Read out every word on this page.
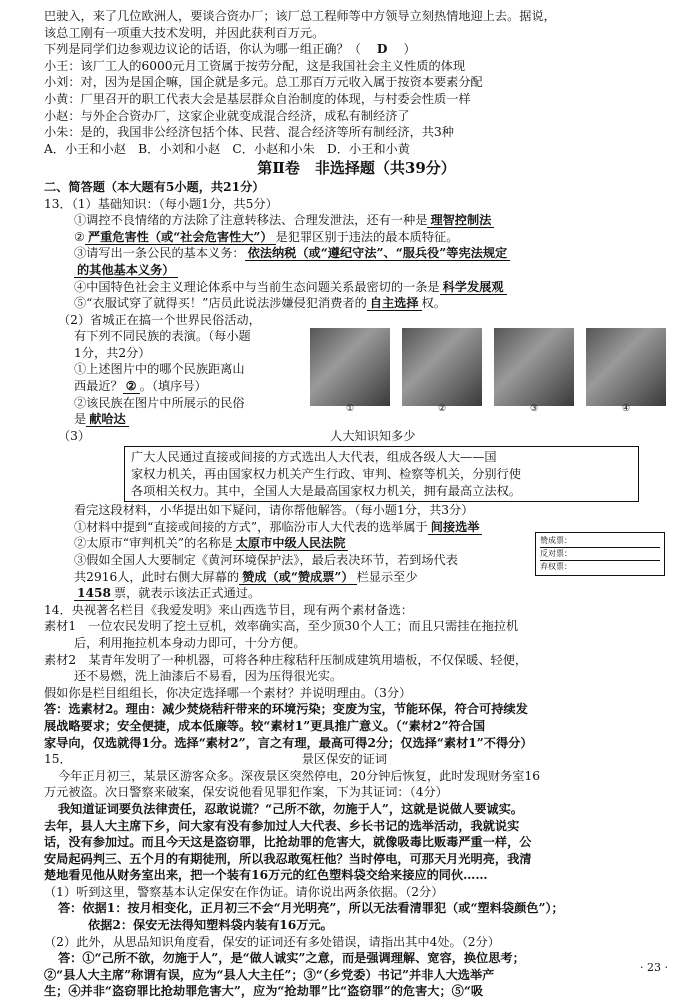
巴驶入，来了几位欧洲人，要谈合资办厂；该厂总工程师等中方领导立刻热情地迎上去。据说，
该总工刚有一项重大技术发明，并因此获利百万元。
下列是同学们边参观边议论的话语，你认为哪一组正确？（ D ）
小王：该厂工人的6000元月工资属于按劳分配，这是我国社会主义性质的体现
小刘：对，因为是国企嘛，国企就是多元。总工那百万元收入属于按资本要素分配
小黄：厂里召开的职工代表大会是基层群众自治制度的体现，与村委会性质一样
小赵：与外企合资办厂，这家企业就变成混合经济，成私有制经济了
小朱：是的，我国非公经济包括个体、民营、混合经济等所有制经济，共3种
A．小王和小赵　B．小刘和小赵　C．小赵和小朱　D．小王和小黄
第Ⅱ卷　非选择题（共39分）
二、简答题（本大题有5小题，共21分）
13．（1）基础知识：（每小题1分，共5分）
①调控不良情绪的方法除了注意转移法、合理发泄法，还有一种是 理智控制法
② 严重危害性（或“社会危害性大”） 是犯罪区别于违法的最本质特征。
③请写出一条公民的基本义务： 依法纳税（或“遵纪守法”、“服兵役”等宪法规定
的其他基本义务）
④中国特色社会主义理论体系中与当前生态问题关系最密切的一条是 科学发展观
⑤“衣服试穿了就得买！”店员此说法涉嫌侵犯消费者的 自主选择 权。
（2）省城正在搞一个世界民俗活动，
有下列不同民族的表演。（每小题
1分，共2分）
①上述图片中的哪个民族距离山
西最近？ ② 。（填序号）
②该民族在图片中所展示的民俗
是 献哈达
（3）	人大知识知多少
广大人民通过直接或间接的方式选出人大代表，组成各级人大——国
家权力机关，再由国家权力机关产生行政、审判、检察等机关，分别行使
各项相关权力。其中，全国人大是最高国家权力机关，拥有最高立法权。
看完这段材料，小华提出如下疑问，请你帮他解答。（每小题1分，共3分）
①材料中提到“直接或间接的方式”，那临汾市人大代表的选举属于 间接选举
②太原市“审判机关”的名称是 太原市中级人民法院
③假如全国人大要制定《黄河环境保护法》，最后表决环节，若到场代表
共2916人，此时右侧大屏幕的 赞成（或“赞成票”） 栏显示至少
1458 票，就表示该法正式通过。
14．央视著名栏目《我爱发明》来山西选节目，现有两个素材备选：
素材1　一位农民发明了挖土豆机，效率确实高，至少顶30个人工；而且只需挂在拖拉机
后，利用拖拉机本身动力即可，十分方便。
素材2　某青年发明了一种机器，可将各种庄稼秸秆压制成建筑用墙板，不仅保暖、轻便，
还不易燃，洗上油漆后不易看，因为压得很光实。
假如你是栏目组组长，你决定选择哪一个素材？并说明理由。（3分）
答：选素材2。理由：减少焚烧秸秆带来的环境污染；变废为宝，节能环保，符合可持续发
展战略要求；安全便捷，成本低廉等。较“素材1”更具推广意义。（“素材2”符合国
家导向，仅选就得1分。选择“素材2”，言之有理，最高可得2分；仅选择“素材1”不得分）
15．	景区保安的证词
今年正月初三，某景区游客众多。深夜景区突然停电，20分钟后恢复，此时发现财务室16
万元被盗。次日警察来破案，保安说他看见罪犯作案，下为其证词：（4分）
我知道证词要负法律责任，忍敢说谎？“己所不欲，勿施于人”，这就是说做人要诚实。
去年，县人大主席下乡，问大家有没有参加过人大代表、乡长书记的选举活动，我就说实
话，没有参加过。而且今天这是盗窃罪，比抢劫罪的危害大，就像吸毒比贩毒严重一样，公
安局起码判三、五个月的有期徒刑，所以我忍敢冤枉他？当时停电，可那天月光明亮，我清
楚地看见他从财务室出来，把一个装有16万元的红色塑料袋交给来接应的同伙……
（1）听到这里，警察基本认定保安在作伪证。请你说出两条依据。（2分）
答：依据1：按月相变化，正月初三不会“月光明亮”，所以无法看清罪犯（或“塑料袋颜色”）；
依据2：保安无法得知塑料袋内装有16万元。
（2）此外，从思品知识角度看，保安的证词还有多处错误，请指出其中4处。（2分）
答：①“己所不欲，勿施于人”，是“做人诚实”之意，而是强调理解、宽容，换位思考；
②“县人大主席”称谓有误，应为“县人大主任”；③“（乡党委）书记”并非人大选举产
生；④并非“盗窃罪比抢劫罪危害大”，应为“抢劫罪”比“盗窃罪”的危害大；⑤“吸
①	②	③	④
赞成票：
反对票：
弃权票：
· 23 ·
